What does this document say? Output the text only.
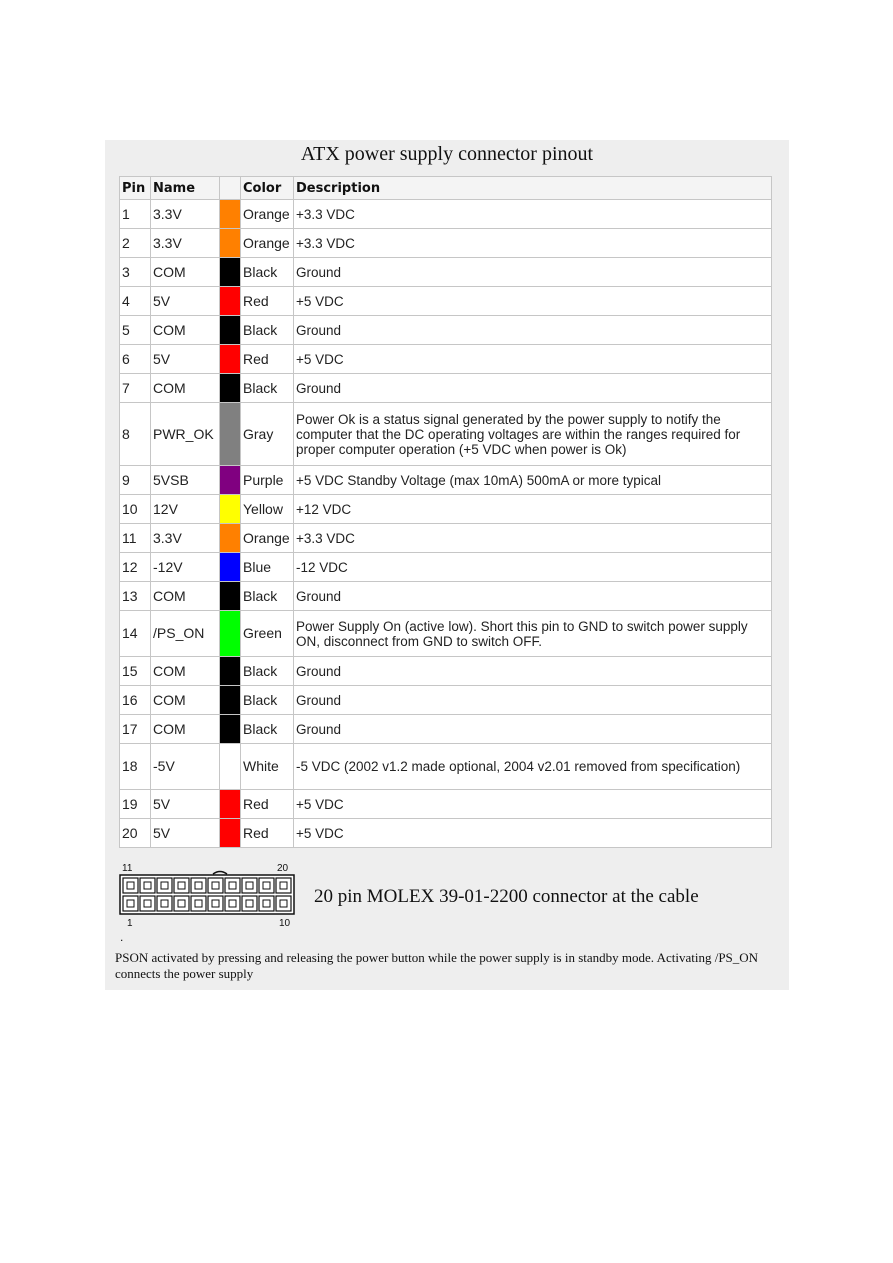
ATX power supply connector pinout
Pin	Name		Color	Description
1	3.3V		Orange	+3.3 VDC
2	3.3V		Orange	+3.3 VDC
3	COM		Black	Ground
4	5V		Red	+5 VDC
5	COM		Black	Ground
6	5V		Red	+5 VDC
7	COM		Black	Ground
8	PWR_OK		Gray	Power Ok is a status signal generated by the power supply to notify the computer that the DC operating voltages are within the ranges required for proper computer operation (+5 VDC when power is Ok)
9	5VSB		Purple	+5 VDC Standby Voltage (max 10mA) 500mA or more typical
10	12V		Yellow	+12 VDC
11	3.3V		Orange	+3.3 VDC
12	-12V		Blue	-12 VDC
13	COM		Black	Ground
14	/PS_ON		Green	Power Supply On (active low). Short this pin to GND to switch power supply ON, disconnect from GND to switch OFF.
15	COM		Black	Ground
16	COM		Black	Ground
17	COM		Black	Ground
18	-5V		White	-5 VDC (2002 v1.2 made optional, 2004 v2.01 removed from specification)
19	5V		Red	+5 VDC
20	5V		Red	+5 VDC
11	20
1	10
20 pin MOLEX 39-01-2200 connector at the cable
.
PSON activated by pressing and releasing the power button while the power supply is in standby mode. Activating /PS_ON connects the power supply
